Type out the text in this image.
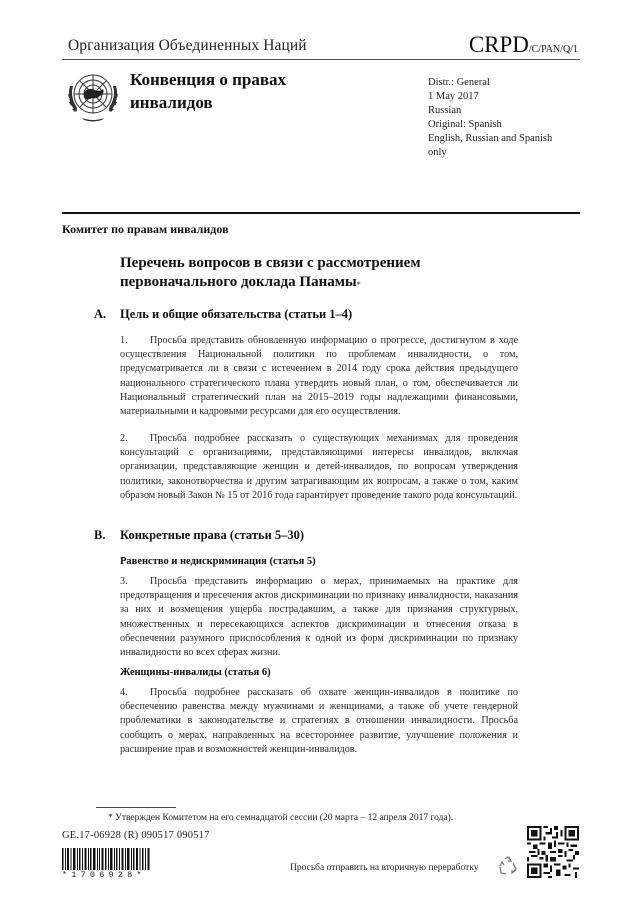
Организация Объединенных Наций	CRPD/C/PAN/Q/1
Конвенция о правах
инвалидов
Distr.: General
1 May 2017
Russian
Original: Spanish
English, Russian and Spanish
only
Комитет по правам инвалидов
Перечень вопросов в связи с рассмотрением
первоначального доклада Панамы*
A.	Цель и общие обязательства (статьи 1–4)
1. Просьба представить обновленную информацию о прогрессе, достигнутом в ходе осуществления Национальной политики по проблемам инвалидности, о том, предусматривается ли в связи с истечением в 2014 году срока действия предыдущего национального стратегического плана утвердить новый план, о том, обеспечивается ли Национальный стратегический план на 2015–2019 годы надлежащими финансовыми, материальными и кадровыми ресурсами для его осуществления.
2. Просьба подробнее рассказать о существующих механизмах для проведения консультаций с организациями, представляющими интересы инвалидов, включая организации, представляющие женщин и детей-инвалидов, по вопросам утверждения политики, законотворчества и другим затрагивающим их вопросам, а также о том, каким образом новый Закон № 15 от 2016 года гарантирует проведение такого рода консультаций.
B.	Конкретные права (статьи 5–30)
Равенство и недискриминация (статья 5)
3. Просьба представить информацию о мерах, принимаемых на практике для предотвращения и пресечения актов дискриминации по признаку инвалидности, наказания за них и возмещения ущерба пострадавшим, а также для признания структурных, множественных и пересекающихся аспектов дискриминации и отнесения отказа в обеспечении разумного приспособления к одной из форм дискриминации по признаку инвалидности во всех сферах жизни.
Женщины-инвалиды (статья 6)
4. Просьба подробнее рассказать об охвате женщин-инвалидов в политике по обеспечению равенства между мужчинами и женщинами, а также об учете гендерной проблематики в законодательстве и стратегиях в отношении инвалидности. Просьба сообщить о мерах, направленных на всестороннее развитие, улучшение положения и расширение прав и возможностей женщин-инвалидов.
* Утвержден Комитетом на его семнадцатой сессии (20 марта – 12 апреля 2017 года).
GE.17-06928 (R) 090517 090517
*1706928*
Просьба отправить на вторичную переработку
